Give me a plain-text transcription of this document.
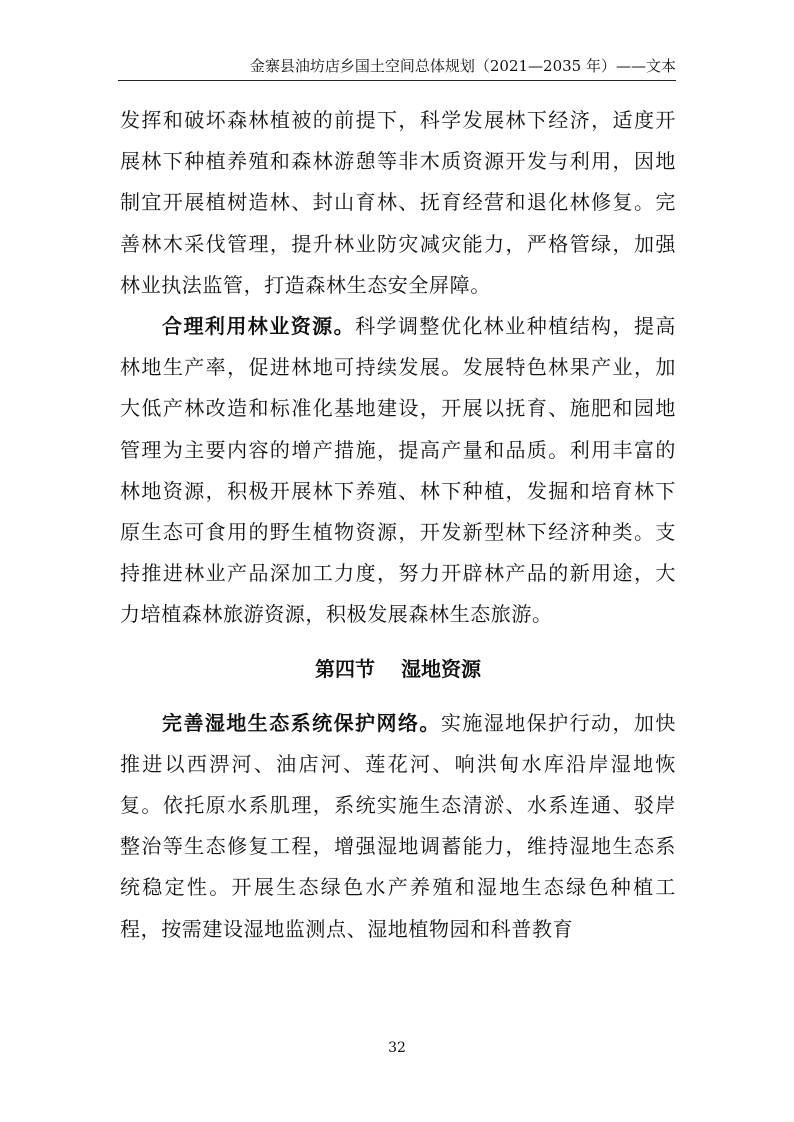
金寨县油坊店乡国土空间总体规划（2021—2035 年）——文本

发挥和破坏森林植被的前提下，科学发展林下经济，适度开展林下种植养殖和森林游憩等非木质资源开发与利用，因地制宜开展植树造林、封山育林、抚育经营和退化林修复。完善林木采伐管理，提升林业防灾减灾能力，严格管绿，加强林业执法监管，打造森林生态安全屏障。

合理利用林业资源。科学调整优化林业种植结构，提高林地生产率，促进林地可持续发展。发展特色林果产业，加大低产林改造和标准化基地建设，开展以抚育、施肥和园地管理为主要内容的增产措施，提高产量和品质。利用丰富的林地资源，积极开展林下养殖、林下种植，发掘和培育林下原生态可食用的野生植物资源，开发新型林下经济种类。支持推进林业产品深加工力度，努力开辟林产品的新用途，大力培植森林旅游资源，积极发展森林生态旅游。

第四节 湿地资源

完善湿地生态系统保护网络。实施湿地保护行动，加快推进以西淠河、油店河、莲花河、响洪甸水库沿岸湿地恢复。依托原水系肌理，系统实施生态清淤、水系连通、驳岸整治等生态修复工程，增强湿地调蓄能力，维持湿地生态系统稳定性。开展生态绿色水产养殖和湿地生态绿色种植工程，按需建设湿地监测点、湿地植物园和科普教育

32
